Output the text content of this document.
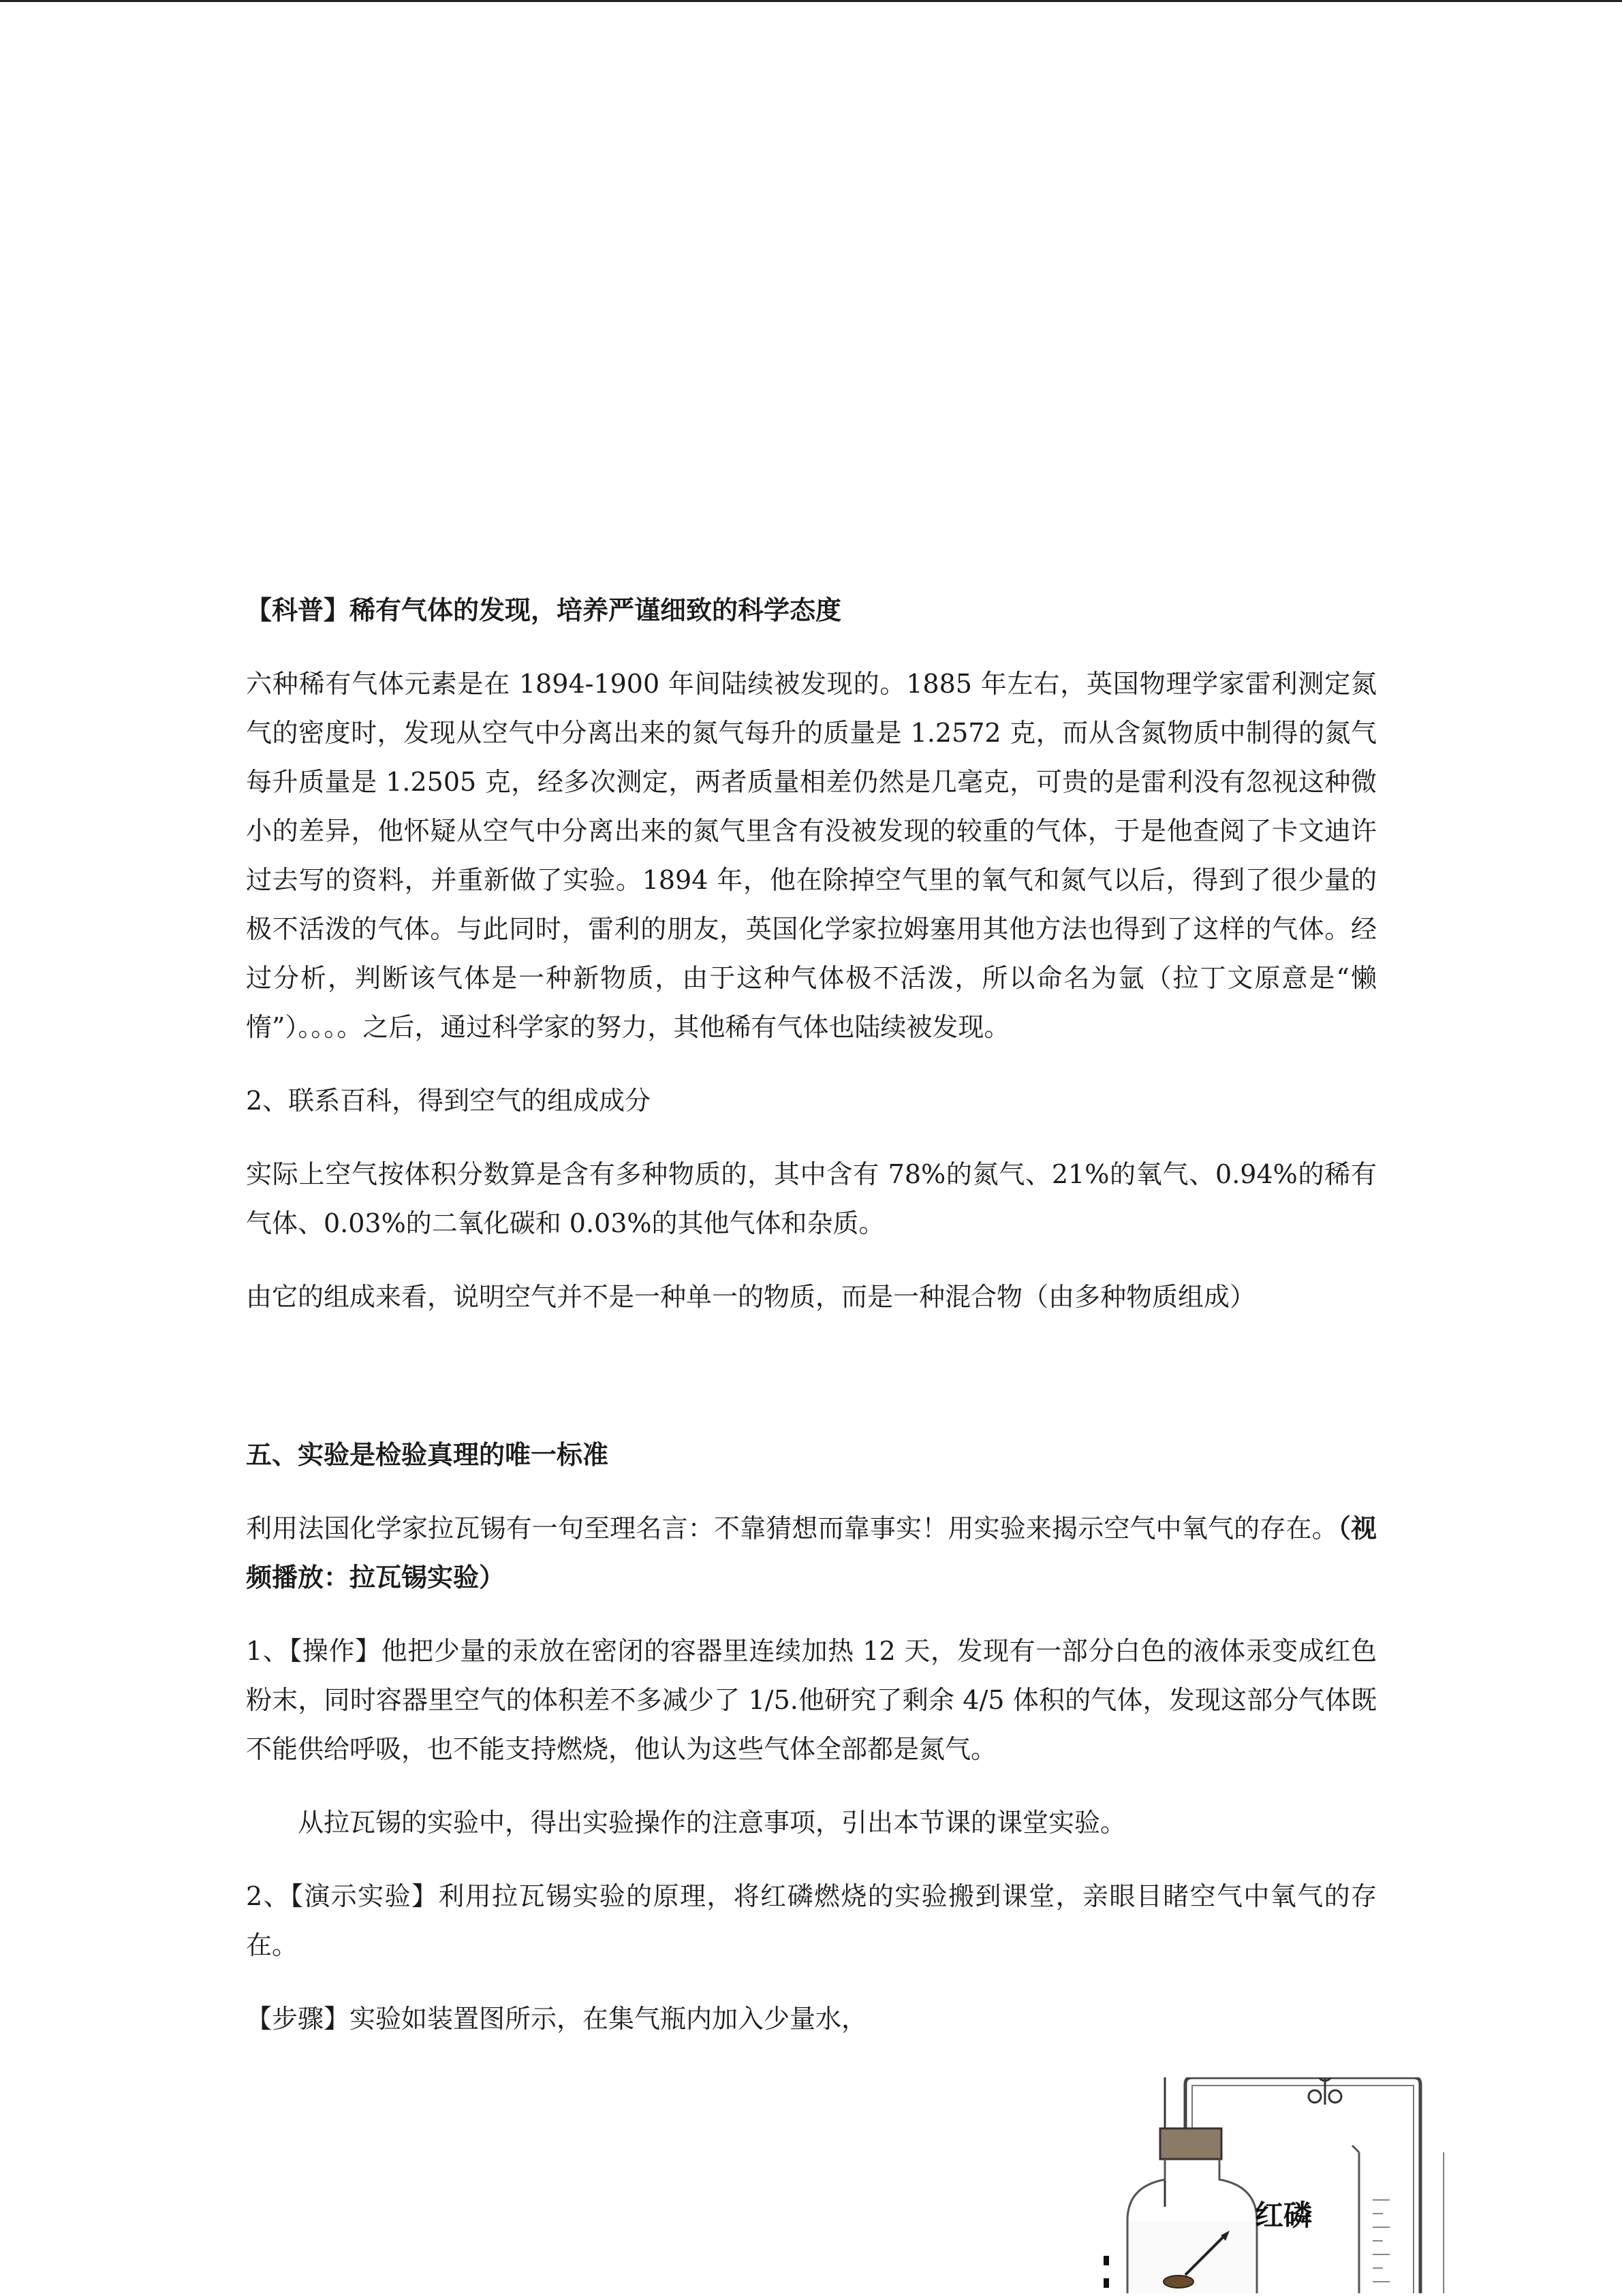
【科普】稀有气体的发现，培养严谨细致的科学态度

六种稀有气体元素是在 1894-1900 年间陆续被发现的。1885 年左右，英国物理学家雷利测定氮气的密度时，发现从空气中分离出来的氮气每升的质量是 1.2572 克，而从含氮物质中制得的氮气每升质量是 1.2505 克，经多次测定，两者质量相差仍然是几毫克，可贵的是雷利没有忽视这种微小的差异，他怀疑从空气中分离出来的氮气里含有没被发现的较重的气体，于是他查阅了卡文迪许过去写的资料，并重新做了实验。1894 年，他在除掉空气里的氧气和氮气以后，得到了很少量的极不活泼的气体。与此同时，雷利的朋友，英国化学家拉姆塞用其他方法也得到了这样的气体。经过分析，判断该气体是一种新物质，由于这种气体极不活泼，所以命名为氩（拉丁文原意是“懒惰”）。。。。之后，通过科学家的努力，其他稀有气体也陆续被发现。

2、联系百科，得到空气的组成成分

实际上空气按体积分数算是含有多种物质的，其中含有 78%的氮气、21%的氧气、0.94%的稀有气体、0.03%的二氧化碳和 0.03%的其他气体和杂质。

由它的组成来看，说明空气并不是一种单一的物质，而是一种混合物（由多种物质组成）

五、实验是检验真理的唯一标准

利用法国化学家拉瓦锡有一句至理名言：不靠猜想而靠事实！用实验来揭示空气中氧气的存在。（视频播放：拉瓦锡实验）

1、【操作】他把少量的汞放在密闭的容器里连续加热 12 天，发现有一部分白色的液体汞变成红色粉末，同时容器里空气的体积差不多减少了 1/5.他研究了剩余 4/5 体积的气体，发现这部分气体既不能供给呼吸，也不能支持燃烧，他认为这些气体全部都是氮气。

从拉瓦锡的实验中，得出实验操作的注意事项，引出本节课的课堂实验。

2、【演示实验】利用拉瓦锡实验的原理，将红磷燃烧的实验搬到课堂，亲眼目睹空气中氧气的存在。

【步骤】实验如装置图所示，在集气瓶内加入少量水，

红磷
